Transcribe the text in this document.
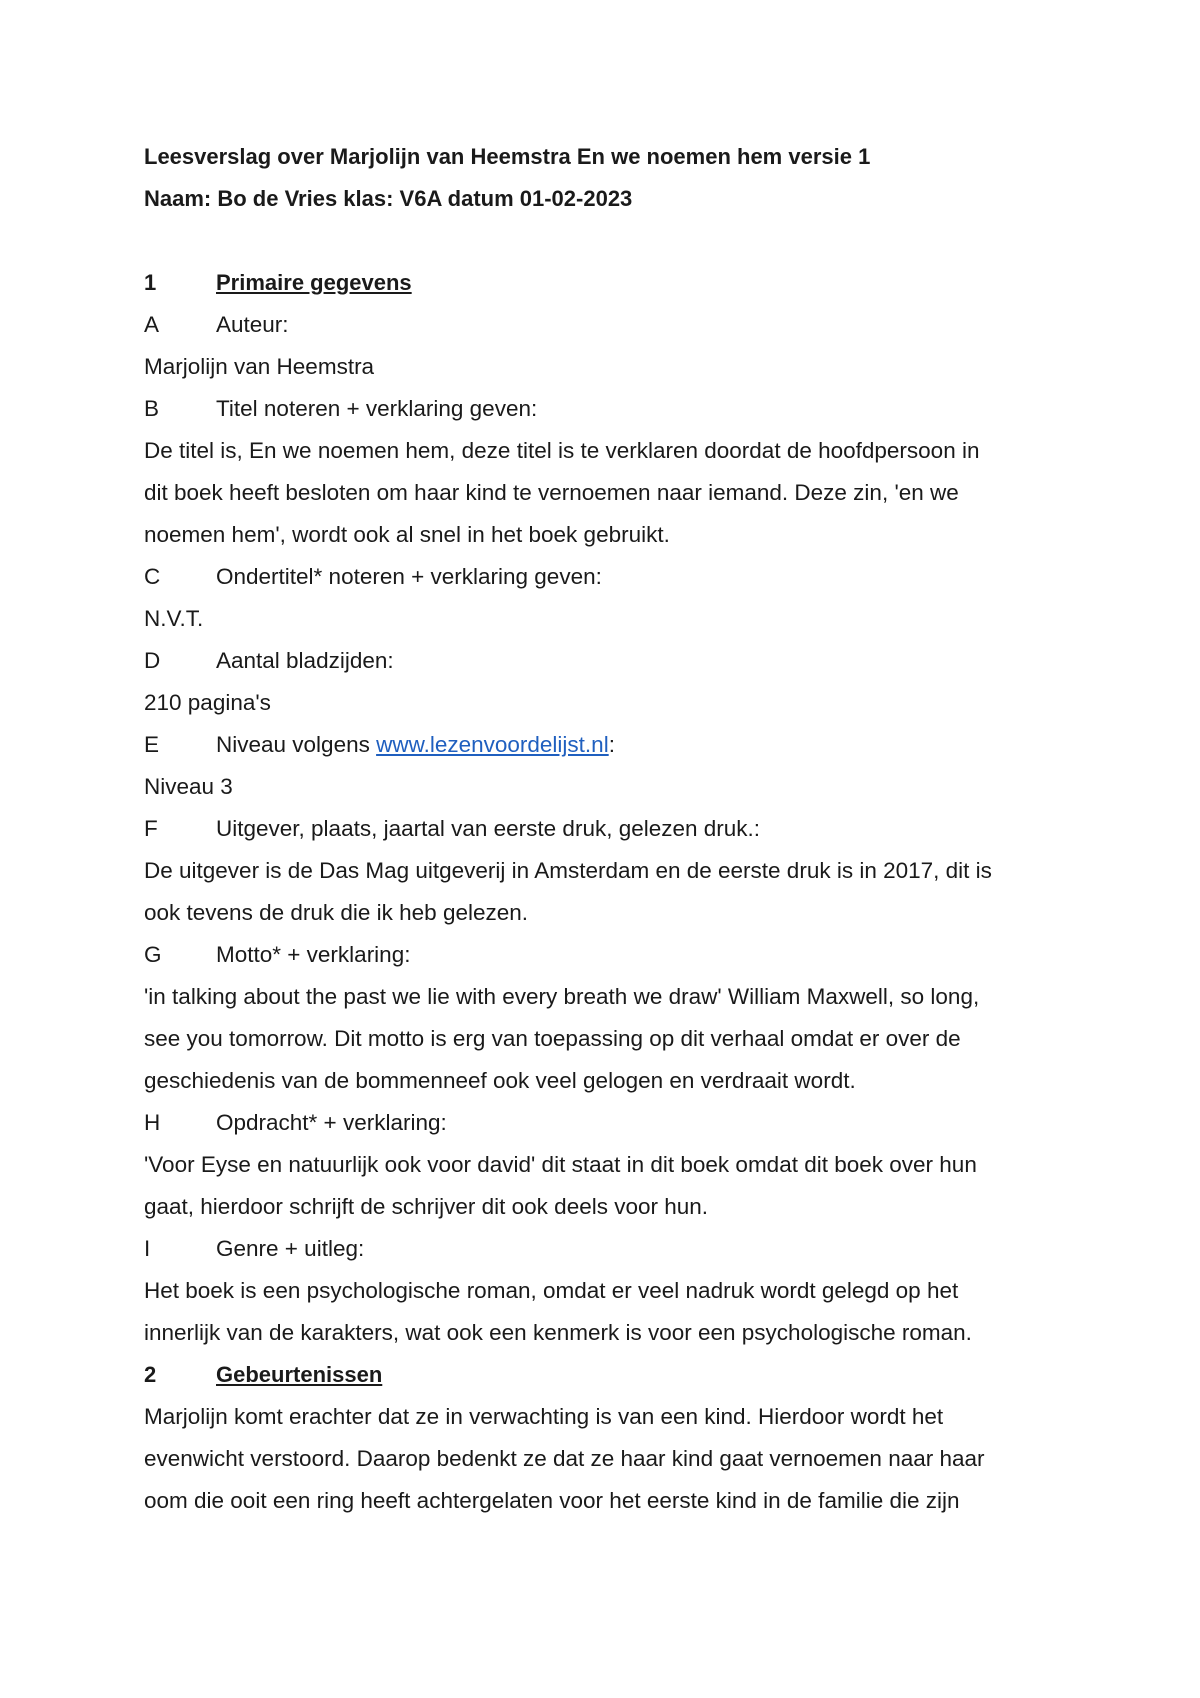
Leesverslag over Marjolijn van Heemstra En we noemen hem versie 1
Naam: Bo de Vries klas: V6A datum 01-02-2023
1	Primaire gegevens
A	Auteur:
Marjolijn van Heemstra
B	Titel noteren + verklaring geven:
De titel is, En we noemen hem, deze titel is te verklaren doordat de hoofdpersoon in
dit boek heeft besloten om haar kind te vernoemen naar iemand. Deze zin, 'en we
noemen hem', wordt ook al snel in het boek gebruikt.
C Ondertitel* noteren + verklaring geven:
N.V.T.
D Aantal bladzijden:
210 pagina's
E	Niveau volgens www.lezenvoordelijst.nl:
Niveau 3
F	Uitgever, plaats, jaartal van eerste druk, gelezen druk.:
De uitgever is de Das Mag uitgeverij in Amsterdam en de eerste druk is in 2017, dit is
ook tevens de druk die ik heb gelezen.
G Motto* + verklaring:
'in talking about the past we lie with every breath we draw' William Maxwell, so long,
see you tomorrow. Dit motto is erg van toepassing op dit verhaal omdat er over de
geschiedenis van de bommenneef ook veel gelogen en verdraait wordt.
H Opdracht* + verklaring:
'Voor Eyse en natuurlijk ook voor david' dit staat in dit boek omdat dit boek over hun
gaat, hierdoor schrijft de schrijver dit ook deels voor hun.
I	Genre + uitleg:
Het boek is een psychologische roman, omdat er veel nadruk wordt gelegd op het
innerlijk van de karakters, wat ook een kenmerk is voor een psychologische roman.
2	Gebeurtenissen
Marjolijn komt erachter dat ze in verwachting is van een kind. Hierdoor wordt het
evenwicht verstoord. Daarop bedenkt ze dat ze haar kind gaat vernoemen naar haar
oom die ooit een ring heeft achtergelaten voor het eerste kind in de familie die zijn
